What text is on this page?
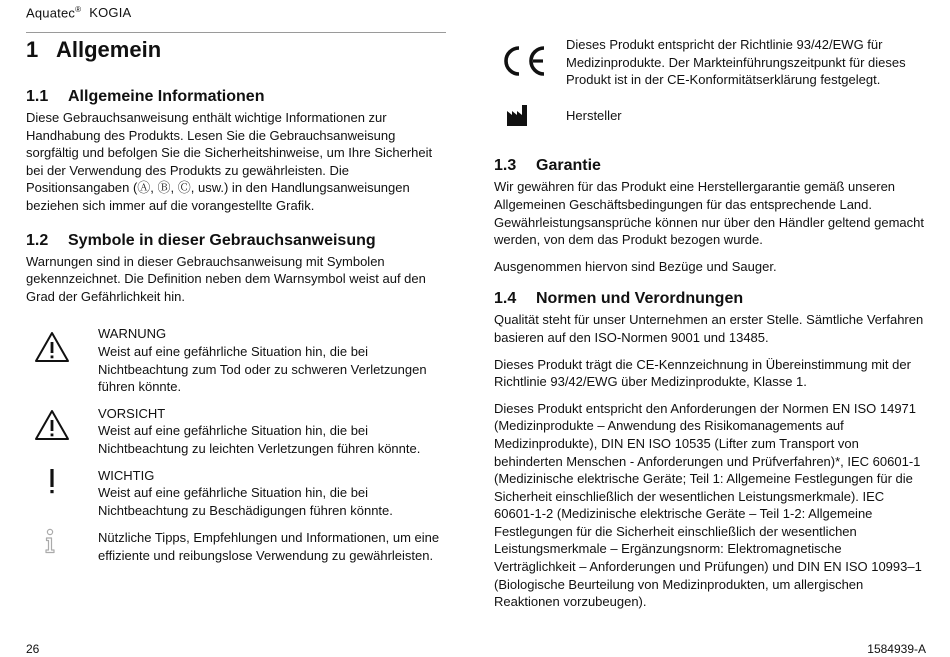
Aquatec® KOGIA
1 Allgemein
1.1 Allgemeine Informationen

Diese Gebrauchsanweisung enthält wichtige Informationen zur Handhabung des Produkts. Lesen Sie die Gebrauchsanweisung sorgfältig und befolgen Sie die Sicherheitshinweise, um Ihre Sicherheit bei der Verwendung des Produkts zu gewährleisten. Die Positionsangaben (Ⓐ, Ⓑ, Ⓒ, usw.) in den Handlungsanweisungen beziehen sich immer auf die vorangestellte Grafik.

1.2 Symbole in dieser Gebrauchsanweisung

Warnungen sind in dieser Gebrauchsanweisung mit Symbolen gekennzeichnet. Die Definition neben dem Warnsymbol weist auf den Grad der Gefährlichkeit hin.

WARNUNG

Weist auf eine gefährliche Situation hin, die bei Nichtbeachtung zum Tod oder zu schweren Verletzungen führen könnte.

VORSICHT

Weist auf eine gefährliche Situation hin, die bei Nichtbeachtung zu leichten Verletzungen führen könnte.

WICHTIG

Weist auf eine gefährliche Situation hin, die bei Nichtbeachtung zu Beschädigungen führen könnte.

Nützliche Tipps, Empfehlungen und Informationen, um eine effiziente und reibungslose Verwendung zu gewährleisten.

Dieses Produkt entspricht der Richtlinie 93/42/EWG für Medizinprodukte. Der Markteinführungszeitpunkt für dieses Produkt ist in der CE-Konformitätserklärung festgelegt.

Hersteller

1.3 Garantie

Wir gewähren für das Produkt eine Herstellergarantie gemäß unseren Allgemeinen Geschäftsbedingungen für das entsprechende Land. Gewährleistungsansprüche können nur über den Händler geltend gemacht werden, von dem das Produkt bezogen wurde.

Ausgenommen hiervon sind Bezüge und Sauger.

1.4 Normen und Verordnungen

Qualität steht für unser Unternehmen an erster Stelle. Sämtliche Verfahren basieren auf den ISO-Normen 9001 und 13485.

Dieses Produkt trägt die CE-Kennzeichnung in Übereinstimmung mit der Richtlinie 93/42/EWG über Medizinprodukte, Klasse 1.

Dieses Produkt entspricht den Anforderungen der Normen EN ISO 14971 (Medizinprodukte – Anwendung des Risikomanagements auf Medizinprodukte), DIN EN ISO 10535 (Lifter zum Transport von behinderten Menschen - Anforderungen und Prüfverfahren)*, IEC 60601-1 (Medizinische elektrische Geräte; Teil 1: Allgemeine Festlegungen für die Sicherheit einschließlich der wesentlichen Leistungsmerkmale). IEC 60601-1-2 (Medizinische elektrische Geräte – Teil 1-2: Allgemeine Festlegungen für die Sicherheit einschließlich der wesentlichen Leistungsmerkmale – Ergänzungsnorm: Elektromagnetische Verträglichkeit – Anforderungen und Prüfungen) und DIN EN ISO 10993–1 (Biologische Beurteilung von Medizinprodukten, um allergischen Reaktionen vorzubeugen).

26	1584939-A
